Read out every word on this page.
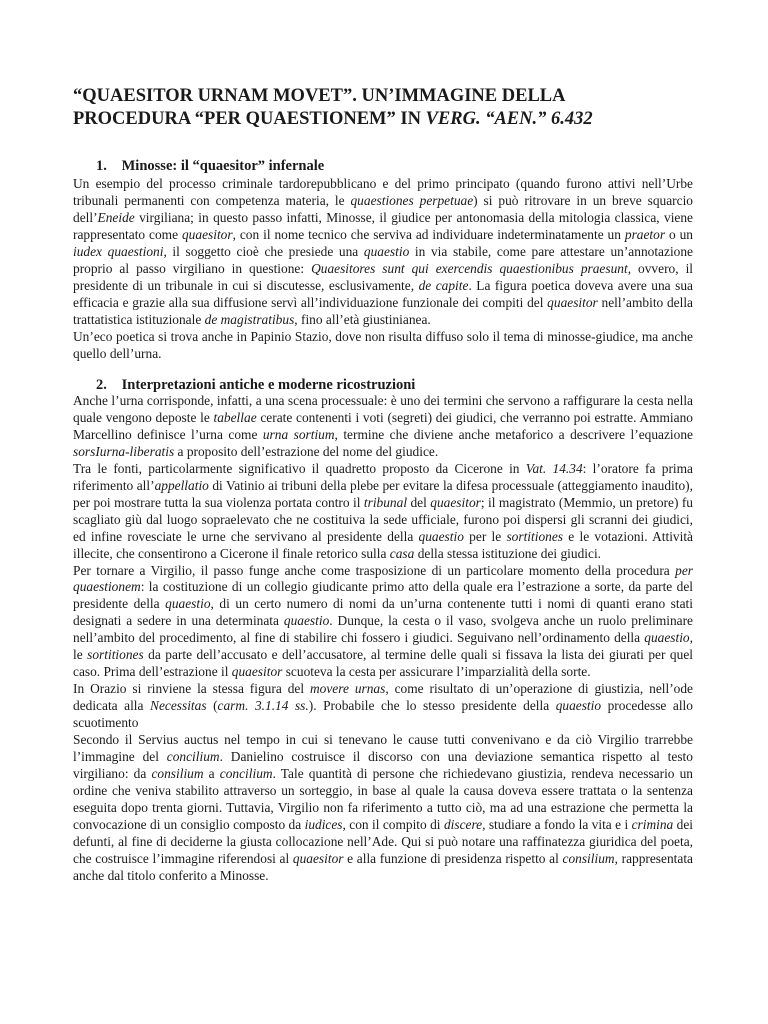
“QUAESITOR URNAM MOVET”. UN’IMMAGINE DELLA
PROCEDURA “PER QUAESTIONEM” IN VERG. “AEN.” 6.432
1. Minosse: il “quaesitor” infernale

Un esempio del processo criminale tardorepubblicano e del primo principato (quando furono attivi nell’Urbe tribunali permanenti con competenza materia, le quaestiones perpetuae) si può ritrovare in un breve squarcio dell’Eneide virgiliana; in questo passo infatti, Minosse, il giudice per antonomasia della mitologia classica, viene rappresentato come quaesitor, con il nome tecnico che serviva ad individuare indeterminatamente un praetor o un iudex quaestioni, il soggetto cioè che presiede una quaestio in via stabile, come pare attestare un’annotazione proprio al passo virgiliano in questione: Quaesitores sunt qui exercendis quaestionibus praesunt, ovvero, il presidente di un tribunale in cui si discutesse, esclusivamente, de capite. La figura poetica doveva avere una sua efficacia e grazie alla sua diffusione servì all’individuazione funzionale dei compiti del quaesitor nell’ambito della trattatistica istituzionale de magistratibus, fino all’età giustinianea.

Un’eco poetica si trova anche in Papinio Stazio, dove non risulta diffuso solo il tema di minosse-giudice, ma anche quello dell’urna.

2. Interpretazioni antiche e moderne ricostruzioni

Anche l’urna corrisponde, infatti, a una scena processuale: è uno dei termini che servono a raffigurare la cesta nella quale vengono deposte le tabellae cerate contenenti i voti (segreti) dei giudici, che verranno poi estratte. Ammiano Marcellino definisce l’urna come urna sortium, termine che diviene anche metaforico a descrivere l’equazione sorsΙurna-liberatis a proposito dell’estrazione del nome del giudice.

Tra le fonti, particolarmente significativo il quadretto proposto da Cicerone in Vat. 14.34: l’oratore fa prima riferimento all’appellatio di Vatinio ai tribuni della plebe per evitare la difesa processuale (atteggiamento inaudito), per poi mostrare tutta la sua violenza portata contro il tribunal del quaesitor; il magistrato (Memmio, un pretore) fu scagliato giù dal luogo sopraelevato che ne costituiva la sede ufficiale, furono poi dispersi gli scranni dei giudici, ed infine rovesciate le urne che servivano al presidente della quaestio per le sortitiones e le votazioni. Attività illecite, che consentirono a Cicerone il finale retorico sulla casa della stessa istituzione dei giudici.

Per tornare a Virgilio, il passo funge anche come trasposizione di un particolare momento della procedura per quaestionem: la costituzione di un collegio giudicante primo atto della quale era l’estrazione a sorte, da parte del presidente della quaestio, di un certo numero di nomi da un’urna contenente tutti i nomi di quanti erano stati designati a sedere in una determinata quaestio. Dunque, la cesta o il vaso, svolgeva anche un ruolo preliminare nell’ambito del procedimento, al fine di stabilire chi fossero i giudici. Seguivano nell’ordinamento della quaestio, le sortitiones da parte dell’accusato e dell’accusatore, al termine delle quali si fissava la lista dei giurati per quel caso. Prima dell’estrazione il quaesitor scuoteva la cesta per assicurare l’imparzialità della sorte.

In Orazio si rinviene la stessa figura del movere urnas, come risultato di un’operazione di giustizia, nell’ode dedicata alla Necessitas (carm. 3.1.14 ss.). Probabile che lo stesso presidente della quaestio procedesse allo scuotimento

Secondo il Servius auctus nel tempo in cui si tenevano le cause tutti convenivano e da ciò Virgilio trarrebbe l’immagine del concilium. Danielino costruisce il discorso con una deviazione semantica rispetto al testo virgiliano: da consilium a concilium. Tale quantità di persone che richiedevano giustizia, rendeva necessario un ordine che veniva stabilito attraverso un sorteggio, in base al quale la causa doveva essere trattata o la sentenza eseguita dopo trenta giorni. Tuttavia, Virgilio non fa riferimento a tutto ciò, ma ad una estrazione che permetta la convocazione di un consiglio composto da iudices, con il compito di discere, studiare a fondo la vita e i crimina dei defunti, al fine di deciderne la giusta collocazione nell’Ade. Qui si può notare una raffinatezza giuridica del poeta, che costruisce l’immagine riferendosi al quaesitor e alla funzione di presidenza rispetto al consilium, rappresentata anche dal titolo conferito a Minosse.
